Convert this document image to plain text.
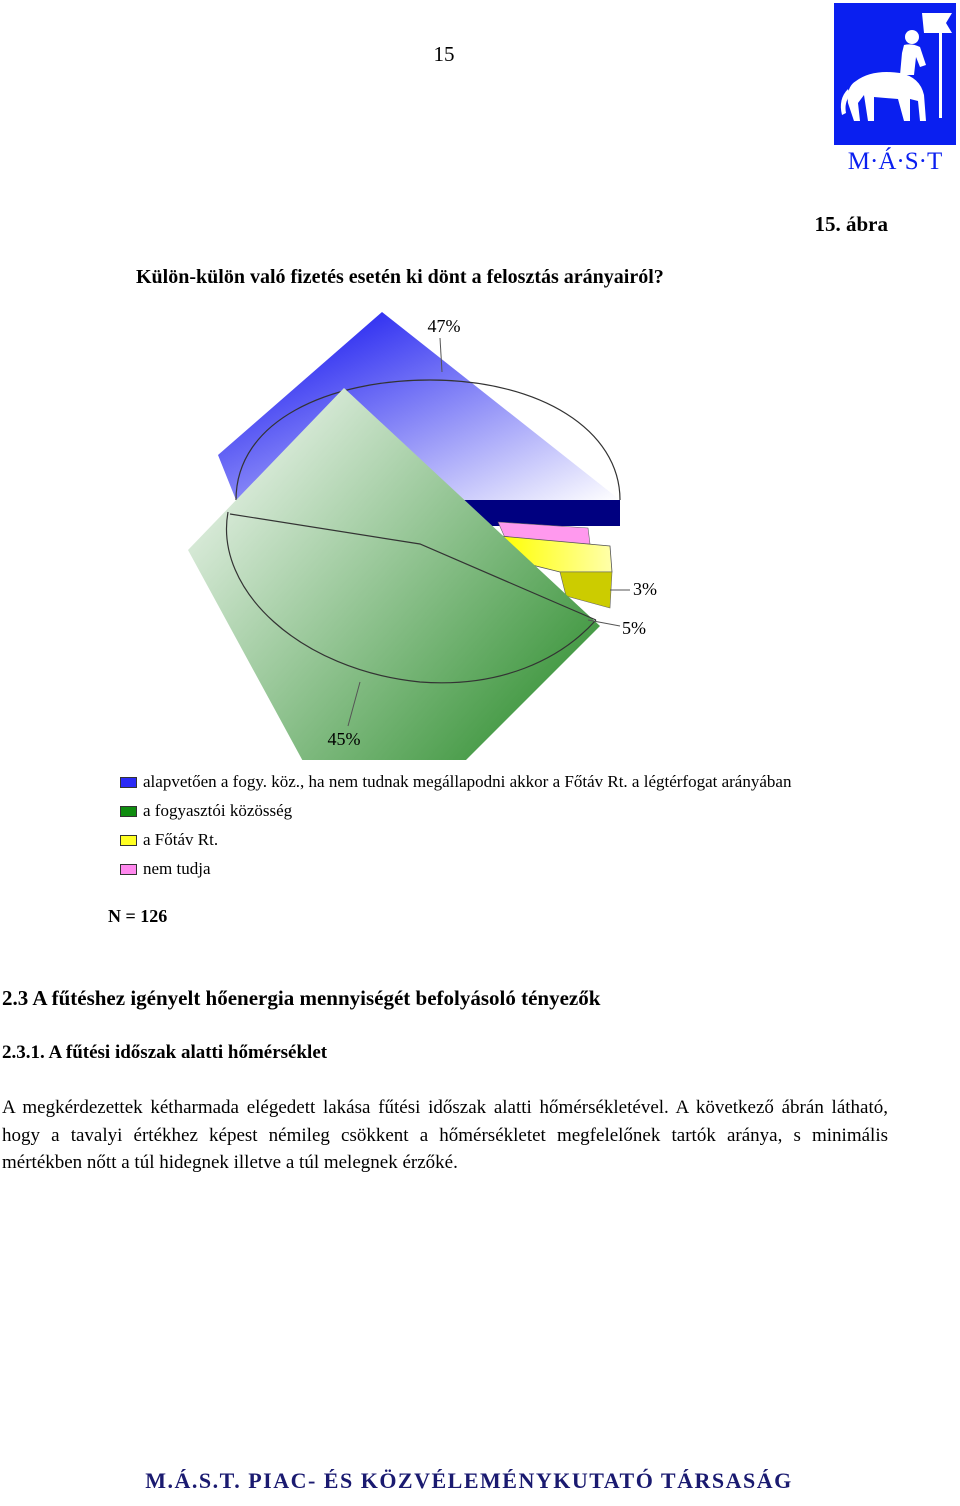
15
M·Á·S·T
15. ábra
Külön-külön való fizetés esetén ki dönt a felosztás arányairól?
47%
3%
5%
45%
alapvetően a fogy. köz., ha nem tudnak megállapodni akkor a Főtáv Rt. a légtérfogat arányában
a fogyasztói közösség
a Főtáv Rt.
nem tudja
N = 126
2.3 A fűtéshez igényelt hőenergia mennyiségét befolyásoló tényezők
2.3.1. A fűtési időszak alatti hőmérséklet
A megkérdezettek kétharmada elégedett lakása fűtési időszak alatti hőmérsékletével. A következő ábrán látható, hogy a tavalyi értékhez képest némileg csökkent a hőmérsékletet megfelelőnek tartók aránya, s minimális mértékben nőtt a túl hidegnek illetve a túl melegnek érzőké.
M.Á.S.T. PIAC- ÉS KÖZVÉLEMÉNYKUTATÓ TÁRSASÁG
